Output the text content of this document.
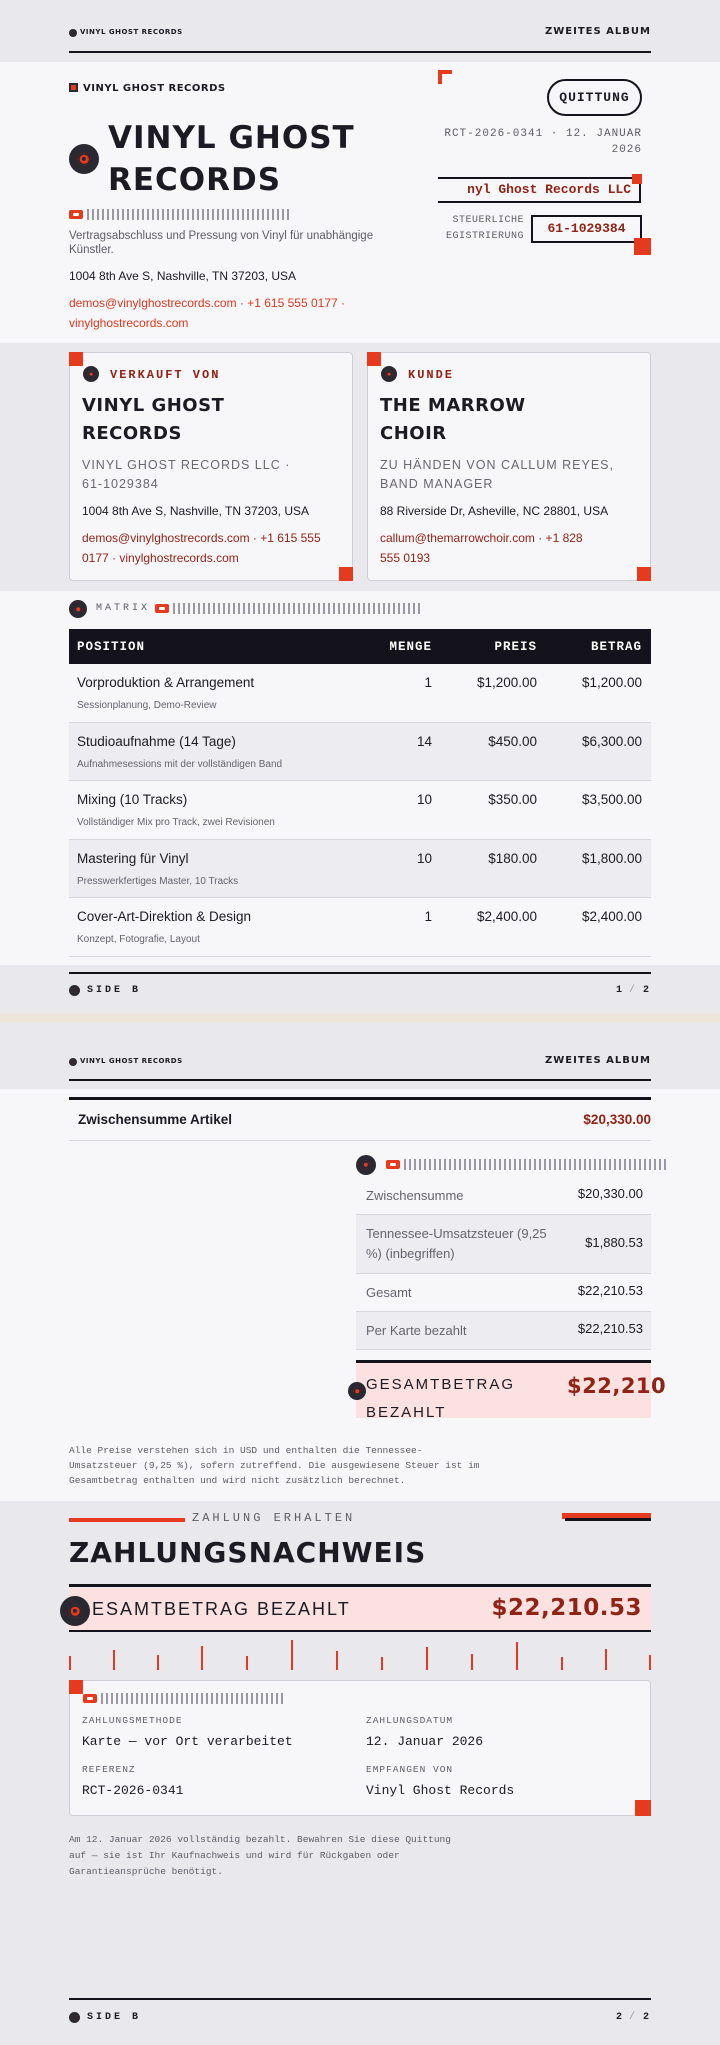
VINYL GHOST RECORDS	ZWEITES ALBUM
VINYL GHOST RECORDS
VINYL GHOST
RECORDS
Vertragsabschluss und Pressung von Vinyl für unabhängige Künstler.
1004 8th Ave S, Nashville, TN 37203, USA
demos@vinylghostrecords.com · +1 615 555 0177 ·
vinylghostrecords.com
QUITTUNG
RCT-2026-0341 · 12. JANUAR
2026
nyl Ghost Records LLC
STEUERLICHE
EGISTRIERUNG
61-1029384
VERKAUFT VON
VINYL GHOST
RECORDS
VINYL GHOST RECORDS LLC ·
61-1029384
1004 8th Ave S, Nashville, TN 37203, USA
demos@vinylghostrecords.com · +1 615 555
0177 · vinylghostrecords.com
KUNDE
THE MARROW
CHOIR
ZU HÄNDEN VON CALLUM REYES,
BAND MANAGER
88 Riverside Dr, Asheville, NC 28801, USA
callum@themarrowchoir.com · +1 828
555 0193
MATRIX
POSITION	MENGE	PREIS	BETRAG
Vorproduktion & Arrangement
Sessionplanung, Demo-Review
1	$1,200.00	$1,200.00
Studioaufnahme (14 Tage)
Aufnahmesessions mit der vollständigen Band
14	$450.00	$6,300.00
Mixing (10 Tracks)
Vollständiger Mix pro Track, zwei Revisionen
10	$350.00	$3,500.00
Mastering für Vinyl
Presswerkfertiges Master, 10 Tracks
10	$180.00	$1,800.00
Cover-Art-Direktion & Design
Konzept, Fotografie, Layout
1	$2,400.00	$2,400.00
SIDE B	1 / 2
VINYL GHOST RECORDS	ZWEITES ALBUM
Zwischensumme Artikel	$20,330.00
Zwischensumme	$20,330.00
Tennessee-Umsatzsteuer (9,25 %) (inbegriffen)
$1,880.53
Gesamt	$22,210.53
Per Karte bezahlt	$22,210.53
GESAMTBETRAG
BEZAHLT
$22,210
Alle Preise verstehen sich in USD und enthalten die Tennessee-Umsatzsteuer (9,25 %), sofern zutreffend. Die ausgewiesene Steuer ist im Gesamtbetrag enthalten und wird nicht zusätzlich berechnet.
ZAHLUNG ERHALTEN
ZAHLUNGSNACHWEIS
ESAMTBETRAG BEZAHLT	$22,210.53
ZAHLUNGSMETHODE
Karte — vor Ort verarbeitet
ZAHLUNGSDATUM
12. Januar 2026
REFERENZ
RCT-2026-0341
EMPFANGEN VON
Vinyl Ghost Records
Am 12. Januar 2026 vollständig bezahlt. Bewahren Sie diese Quittung auf — sie ist Ihr Kaufnachweis und wird für Rückgaben oder Garantieansprüche benötigt.
SIDE B	2 / 2
